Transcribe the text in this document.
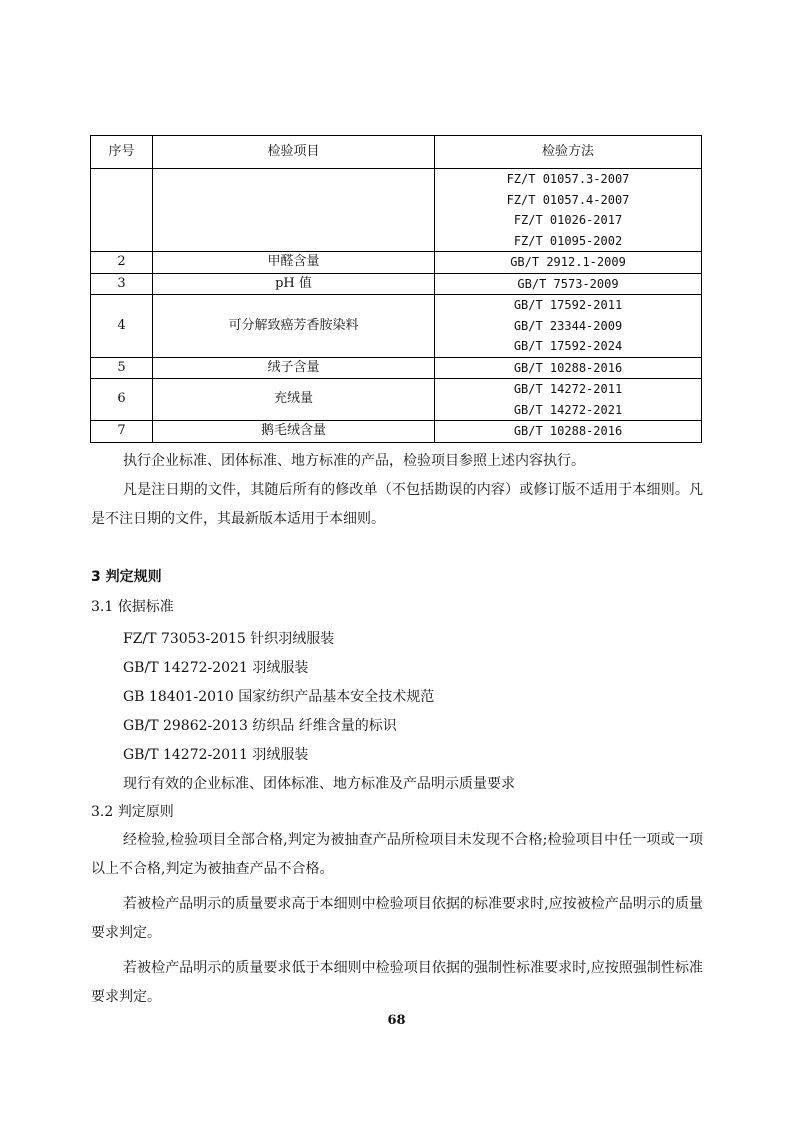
序号	检验项目	检验方法

		FZ/T 01057.3-2007
FZ/T 01057.4-2007
FZ/T 01026-2017
FZ/T 01095-2002

2	甲醛含量	GB/T 2912.1-2009

3	pH 值	GB/T 7573-2009

4	可分解致癌芳香胺染料	GB/T 17592-2011
GB/T 23344-2009
GB/T 17592-2024

5	绒子含量	GB/T 10288-2016

6	充绒量	GB/T 14272-2011
GB/T 14272-2021

7	鹅毛绒含量	GB/T 10288-2016

执行企业标准、团体标准、地方标准的产品，检验项目参照上述内容执行。

凡是注日期的文件，其随后所有的修改单（不包括勘误的内容）或修订版不适用于本细则。凡是不注日期的文件，其最新版本适用于本细则。

3 判定规则

3.1 依据标准

FZ/T 73053-2015 针织羽绒服装

GB/T 14272-2021 羽绒服装

GB 18401-2010 国家纺织产品基本安全技术规范

GB/T 29862-2013 纺织品 纤维含量的标识

GB/T 14272-2011 羽绒服装

现行有效的企业标准、团体标准、地方标准及产品明示质量要求

3.2 判定原则

经检验,检验项目全部合格,判定为被抽查产品所检项目未发现不合格;检验项目中任一项或一项以上不合格,判定为被抽查产品不合格。

若被检产品明示的质量要求高于本细则中检验项目依据的标准要求时,应按被检产品明示的质量要求判定。

若被检产品明示的质量要求低于本细则中检验项目依据的强制性标准要求时,应按照强制性标准要求判定。

68
